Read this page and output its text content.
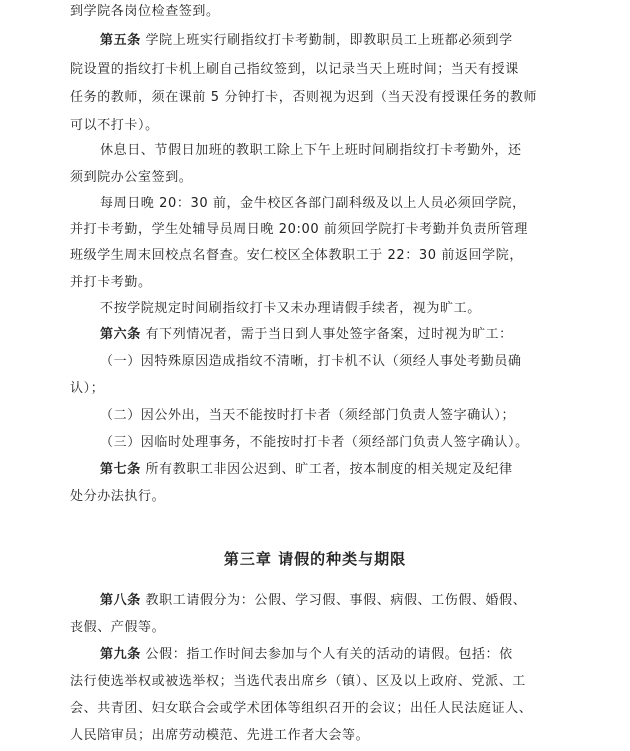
到学院各岗位检查签到。
第五条 学院上班实行刷指纹打卡考勤制，即教职员工上班都必须到学
院设置的指纹打卡机上刷自己指纹签到，以记录当天上班时间；当天有授课
任务的教师，须在课前 5 分钟打卡，否则视为迟到（当天没有授课任务的教师
可以不打卡）。
休息日、节假日加班的教职工除上下午上班时间刷指纹打卡考勤外，还
须到院办公室签到。
每周日晚 20：30 前，金牛校区各部门副科级及以上人员必须回学院，
并打卡考勤，学生处辅导员周日晚 20:00 前须回学院打卡考勤并负责所管理
班级学生周末回校点名督查。安仁校区全体教职工于 22：30 前返回学院，
并打卡考勤。
不按学院规定时间刷指纹打卡又未办理请假手续者，视为旷工。
第六条 有下列情况者，需于当日到人事处签字备案，过时视为旷工：
（一）因特殊原因造成指纹不清晰，打卡机不认（须经人事处考勤员确
认）；
（二）因公外出，当天不能按时打卡者（须经部门负责人签字确认）；
（三）因临时处理事务，不能按时打卡者（须经部门负责人签字确认）。
第七条 所有教职工非因公迟到、旷工者，按本制度的相关规定及纪律
处分办法执行。
第三章 请假的种类与期限
第八条 教职工请假分为：公假、学习假、事假、病假、工伤假、婚假、
丧假、产假等。
第九条 公假：指工作时间去参加与个人有关的活动的请假。包括：依
法行使选举权或被选举权；当选代表出席乡（镇）、区及以上政府、党派、工
会、共青团、妇女联合会或学术团体等组织召开的会议；出任人民法庭证人、
人民陪审员；出席劳动模范、先进工作者大会等。
